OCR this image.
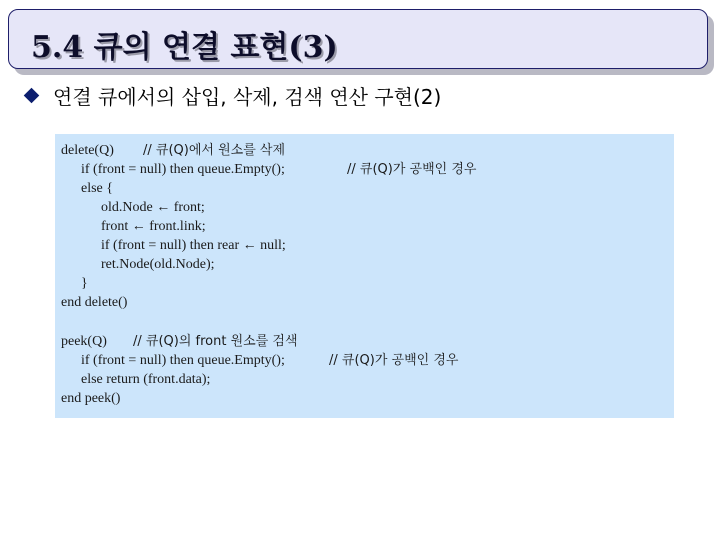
5.4 큐의 연결 표현(3)
연결 큐에서의 삽입, 삭제, 검색 연산 구현(2)
delete(Q) // 큐(Q)에서 원소를 삭제
if (front = null) then queue.Empty();	// 큐(Q)가 공백인 경우
else {
old.Node ← front;
front ← front.link;
if (front = null) then rear ← null;
ret.Node(old.Node);
}
end delete()
peek(Q) // 큐(Q)의 front 원소를 검색
if (front = null) then queue.Empty();	// 큐(Q)가 공백인 경우
else return (front.data);
end peek()
